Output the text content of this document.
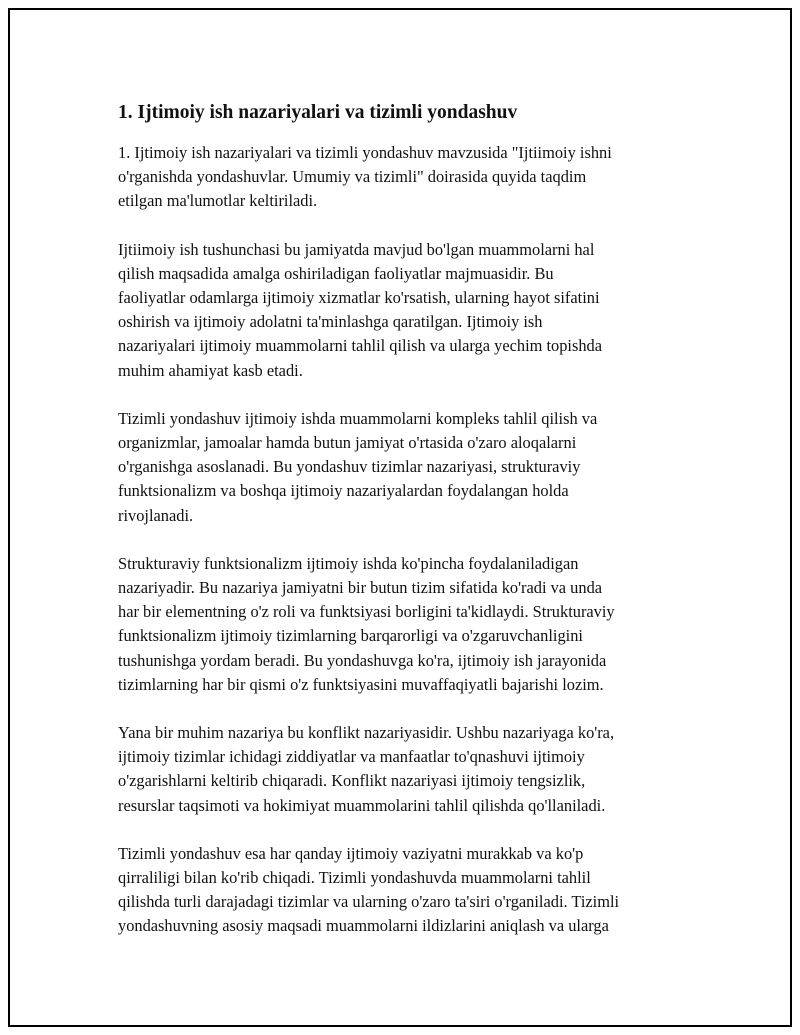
1. Ijtimoiy ish nazariyalari va tizimli yondashuv

1. Ijtimoiy ish nazariyalari va tizimli yondashuv mavzusida "Ijtiimoiy ishni
o'rganishda yondashuvlar. Umumiy va tizimli" doirasida quyida taqdim
etilgan ma'lumotlar keltiriladi.

Ijtiimoiy ish tushunchasi bu jamiyatda mavjud bo'lgan muammolarni hal
qilish maqsadida amalga oshiriladigan faoliyatlar majmuasidir. Bu
faoliyatlar odamlarga ijtimoiy xizmatlar ko'rsatish, ularning hayot sifatini
oshirish va ijtimoiy adolatni ta'minlashga qaratilgan. Ijtimoiy ish
nazariyalari ijtimoiy muammolarni tahlil qilish va ularga yechim topishda
muhim ahamiyat kasb etadi.

Tizimli yondashuv ijtimoiy ishda muammolarni kompleks tahlil qilish va
organizmlar, jamoalar hamda butun jamiyat o'rtasida o'zaro aloqalarni
o'rganishga asoslanadi. Bu yondashuv tizimlar nazariyasi, strukturaviy
funktsionalizm va boshqa ijtimoiy nazariyalardan foydalangan holda
rivojlanadi.

Strukturaviy funktsionalizm ijtimoiy ishda ko'pincha foydalaniladigan
nazariyadir. Bu nazariya jamiyatni bir butun tizim sifatida ko'radi va unda
har bir elementning o'z roli va funktsiyasi borligini ta'kidlaydi. Strukturaviy
funktsionalizm ijtimoiy tizimlarning barqarorligi va o'zgaruvchanligini
tushunishga yordam beradi. Bu yondashuvga ko'ra, ijtimoiy ish jarayonida
tizimlarning har bir qismi o'z funktsiyasini muvaffaqiyatli bajarishi lozim.

Yana bir muhim nazariya bu konflikt nazariyasidir. Ushbu nazariyaga ko'ra,
ijtimoiy tizimlar ichidagi ziddiyatlar va manfaatlar to'qnashuvi ijtimoiy
o'zgarishlarni keltirib chiqaradi. Konflikt nazariyasi ijtimoiy tengsizlik,
resurslar taqsimoti va hokimiyat muammolarini tahlil qilishda qo'llaniladi.

Tizimli yondashuv esa har qanday ijtimoiy vaziyatni murakkab va ko'p
qirraliligi bilan ko'rib chiqadi. Tizimli yondashuvda muammolarni tahlil
qilishda turli darajadagi tizimlar va ularning o'zaro ta'siri o'rganiladi. Tizimli
yondashuvning asosiy maqsadi muammolarni ildizlarini aniqlash va ularga
